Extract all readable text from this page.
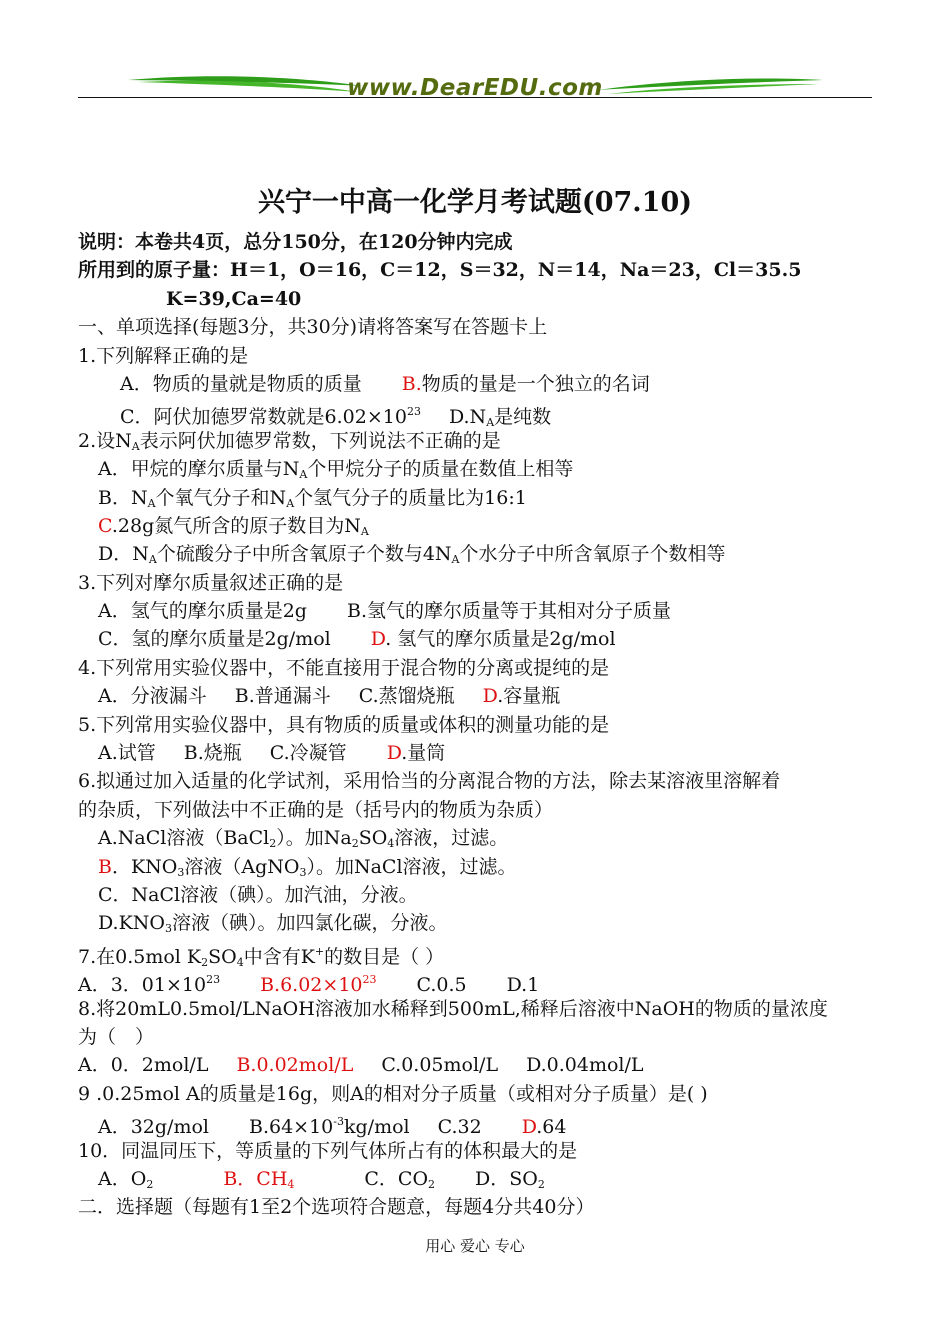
www.DearEDU.com
兴宁一中高一化学月考试题(07.10)
说明：本卷共4页，总分150分，在120分钟内完成
所用到的原子量：H＝1，O＝16，C＝12，S＝32，N＝14，Na＝23，Cl＝35.5
K=39,Ca=40
一、单项选择(每题3分，共30分)请将答案写在答题卡上
1.下列解释正确的是
A．物质的量就是物质的质量 B.物质的量是一个独立的名词
C．阿伏加德罗常数就是$6.02\times 10^{23}$ $D.N_A$是纯数
2.设$N_A$表示阿伏加德罗常数，下列说法不正确的是
A．甲烷的摩尔质量与$N_A$个甲烷分子的质量在数值上相等
B．$N_A$个氧气分子和$N_A$个氢气分子的质量比为16:1
C.28g氮气所含的原子数目为$N_A$
D．$N_A$个硫酸分子中所含氧原子个数与$4N_A$个水分子中所含氧原子个数相等
3.下列对摩尔质量叙述正确的是
A．氢气的摩尔质量是2g B.氢气的摩尔质量等于其相对分子质量
C．氢的摩尔质量是2g/mol D. 氢气的摩尔质量是2g/mol
4.下列常用实验仪器中，不能直接用于混合物的分离或提纯的是
A．分液漏斗 B.普通漏斗 C.蒸馏烧瓶 D.容量瓶
5.下列常用实验仪器中，具有物质的质量或体积的测量功能的是
A.试管 B.烧瓶 C.冷凝管 D.量筒
6.拟通过加入适量的化学试剂，采用恰当的分离混合物的方法，除去某溶液里溶解着
的杂质，下列做法中不正确的是（括号内的物质为杂质）
A.NaCl溶液（BaCl$_2$）。加$Na_2SO_4$溶液，过滤。
B．$KNO_3$溶液（AgNO$_3$）。加NaCl溶液，过滤。
C．NaCl溶液（碘）。加汽油，分液。
$D.KNO_3$溶液（碘）。加四氯化碳，分液。
7.在0.5mol $K_2SO_4$中含有K+的数目是（ ）
A．3．$01\times 10^{23}$ $B.6.02\times 10^{23}$ C.0.5 D.1
8.将20mL0.5mol/LNaOH溶液加水稀释到500mL,稀释后溶液中NaOH的物质的量浓度
为（　）
A．0．2mol/L B.0.02mol/L C.0.05mol/L D.0.04mol/L
9 .0.25mol A的质量是16g，则A的相对分子质量（或相对分子质量）是( )
A．32g/mol $B.64\times 10^{-3}kg$/mol C.32 D.64
10．同温同压下，等质量的下列气体所占有的体积最大的是
A．$O_2$	B．$CH_4$	C．$CO_2$ D．$SO_2$
二．选择题（每题有1至2个选项符合题意，每题4分共40分）
用心 爱心 专心
